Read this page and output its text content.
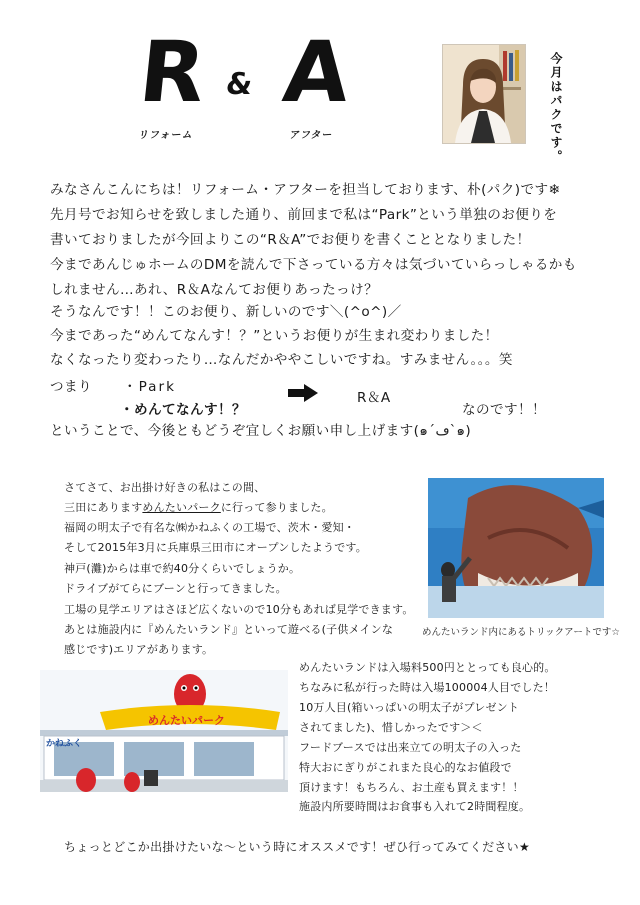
R & A
リフォーム	アフター	今月はパクです。
みなさんこんにちは！リフォーム・アフターを担当しております、朴(パク)です❄
先月号でお知らせを致しました通り、前回まで私は“Park”という単独のお便りを
書いておりましたが今回よりこの“R＆A”でお便りを書くこととなりました！
今まであんじゅホームのDMを読んで下さっている方々は気づいていらっしゃるかも
しれません…あれ、R＆Aなんてお便りあったっけ？
そうなんです！！このお便り、新しいのです＼(^o^)／
今まであった“めんてなんす！？”というお便りが生まれ変わりました！
なくなったり変わったり…なんだかややこしいですね。すみません。。。笑
つまり ・Park
・めんてなんす！？
R＆A
なのです！！
ということで、今後ともどうぞ宜しくお願い申し上げます(๑´ڡ`๑)
さてさて、お出掛け好きの私はこの間、
三田にありますめんたいパークに行って参りました。
福岡の明太子で有名な㈱かねふくの工場で、茨木・愛知・
そして2015年3月に兵庫県三田市にオープンしたようです。
神戸(灘)からは車で約40分くらいでしょうか。
ドライブがてらにブーンと行ってきました。
工場の見学エリアはさほど広くないので10分もあれば見学できます。
あとは施設内に『めんたいランド』といって遊べる(子供メインな
感じです)エリアがあります。
めんたいランド内にあるトリックアートです☆
めんたいパーク
かねふく
めんたいランドは入場料500円ととっても良心的。
ちなみに私が行った時は入場100004人目でした！
10万人目(箱いっぱいの明太子がプレゼント
されてました)、惜しかったです＞＜
フードブースでは出来立ての明太子の入った
特大おにぎりがこれまた良心的なお値段で
頂けます！もちろん、お土産も買えます！！
施設内所要時間はお食事も入れて2時間程度。
ちょっとどこか出掛けたいな～という時にオススメです！ぜひ行ってみてください★
